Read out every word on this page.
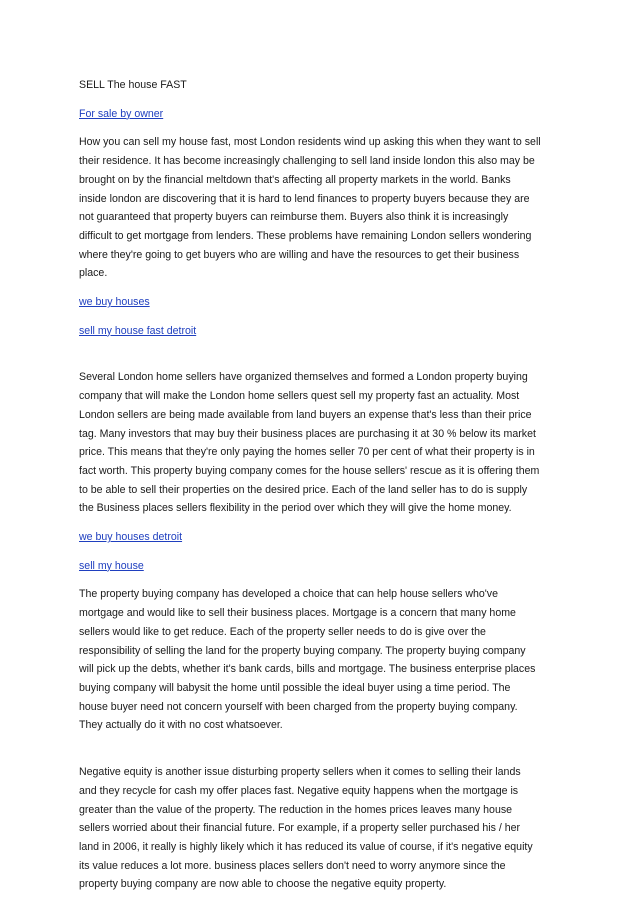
SELL The house FAST

For sale by owner

How you can sell my house fast, most London residents wind up asking this when they want to sell their residence. It has become increasingly challenging to sell land inside london this also may be brought on by the financial meltdown that's affecting all property markets in the world. Banks inside london are discovering that it is hard to lend finances to property buyers because they are not guaranteed that property buyers can reimburse them. Buyers also think it is increasingly difficult to get mortgage from lenders. These problems have remaining London sellers wondering where they're going to get buyers who are willing and have the resources to get their business place.

we buy houses
sell my house fast detroit

Several London home sellers have organized themselves and formed a London property buying company that will make the London home sellers quest sell my property fast an actuality. Most London sellers are being made available from land buyers an expense that's less than their price tag. Many investors that may buy their business places are purchasing it at 30 % below its market price. This means that they're only paying the homes seller 70 per cent of what their property is in fact worth. This property buying company comes for the house sellers' rescue as it is offering them to be able to sell their properties on the desired price. Each of the land seller has to do is supply the Business places sellers flexibility in the period over which they will give the home money.

we buy houses detroit
sell my house

The property buying company has developed a choice that can help house sellers who've mortgage and would like to sell their business places. Mortgage is a concern that many home sellers would like to get reduce. Each of the property seller needs to do is give over the responsibility of selling the land for the property buying company. The property buying company will pick up the debts, whether it's bank cards, bills and mortgage. The business enterprise places buying company will babysit the home until possible the ideal buyer using a time period. The house buyer need not concern yourself with been charged from the property buying company. They actually do it with no cost whatsoever.

Negative equity is another issue disturbing property sellers when it comes to selling their lands and they recycle for cash my offer places fast. Negative equity happens when the mortgage is greater than the value of the property. The reduction in the homes prices leaves many house sellers worried about their financial future. For example, if a property seller purchased his / her land in 2006, it really is highly likely which it has reduced its value of course, if it's negative equity its value reduces a lot more. business places sellers don't need to worry anymore since the property buying company are now able to choose the negative equity property.
